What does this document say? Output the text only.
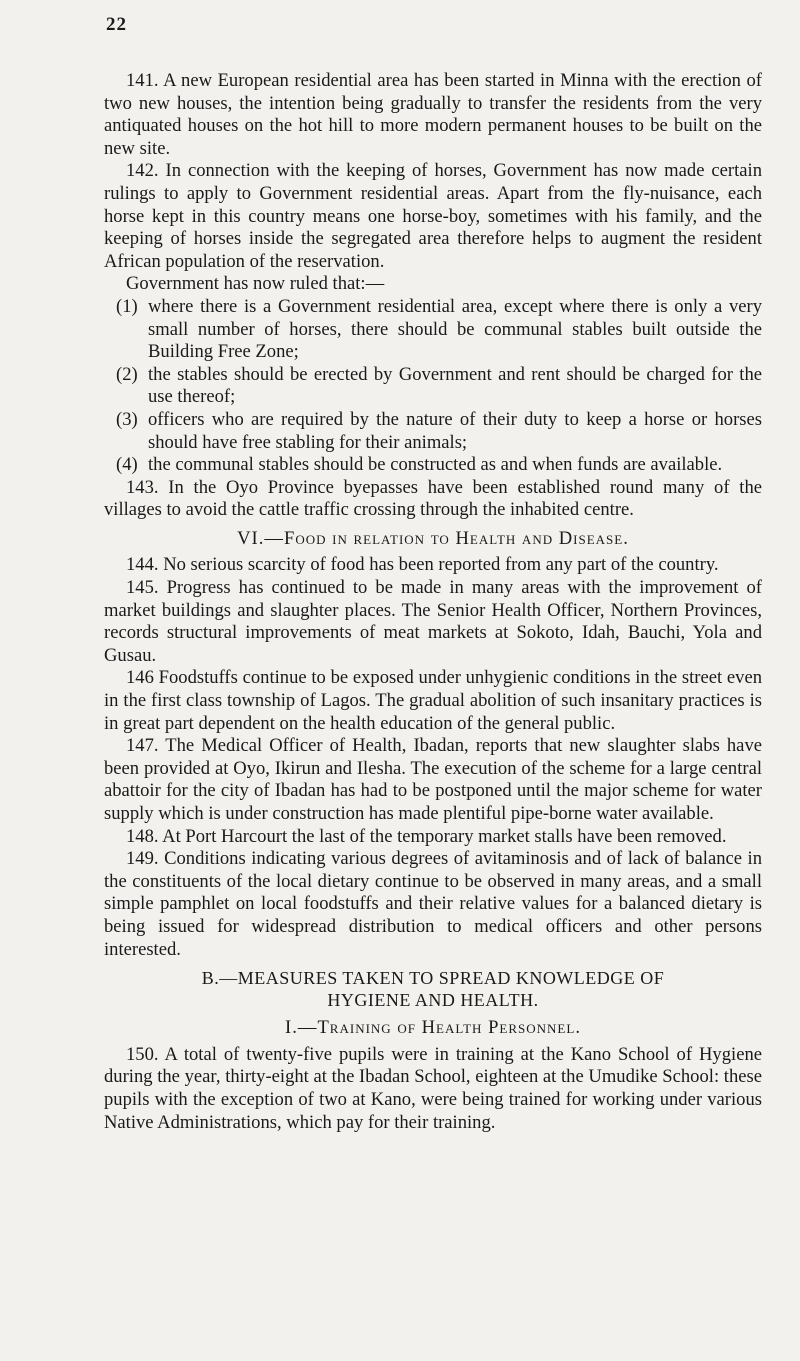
22

141. A new European residential area has been started in Minna with the erection of two new houses, the intention being gradually to transfer the residents from the very antiquated houses on the hot hill to more modern permanent houses to be built on the new site.

142. In connection with the keeping of horses, Government has now made certain rulings to apply to Government residential areas. Apart from the fly-nuisance, each horse kept in this country means one horse-boy, sometimes with his family, and the keeping of horses inside the segregated area therefore helps to augment the resident African population of the reservation.

Government has now ruled that:—

(1) where there is a Government residential area, except where there is only a very small number of horses, there should be communal stables built outside the Building Free Zone;
(2) the stables should be erected by Government and rent should be charged for the use thereof;
(3) officers who are required by the nature of their duty to keep a horse or horses should have free stabling for their animals;
(4) the communal stables should be constructed as and when funds are available.

143. In the Oyo Province byepasses have been established round many of the villages to avoid the cattle traffic crossing through the inhabited centre.

VI.—Food in relation to Health and Disease.

144. No serious scarcity of food has been reported from any part of the country.

145. Progress has continued to be made in many areas with the improvement of market buildings and slaughter places. The Senior Health Officer, Northern Provinces, records structural improvements of meat markets at Sokoto, Idah, Bauchi, Yola and Gusau.

146 Foodstuffs continue to be exposed under unhygienic conditions in the street even in the first class township of Lagos. The gradual abolition of such insanitary practices is in great part dependent on the health education of the general public.

147. The Medical Officer of Health, Ibadan, reports that new slaughter slabs have been provided at Oyo, Ikirun and Ilesha. The execution of the scheme for a large central abattoir for the city of Ibadan has had to be postponed until the major scheme for water supply which is under construction has made plentiful pipe-borne water available.

148. At Port Harcourt the last of the temporary market stalls have been removed.

149. Conditions indicating various degrees of avitaminosis and of lack of balance in the constituents of the local dietary continue to be observed in many areas, and a small simple pamphlet on local foodstuffs and their relative values for a balanced dietary is being issued for widespread distribution to medical officers and other persons interested.

B.—MEASURES TAKEN TO SPREAD KNOWLEDGE OF
HYGIENE AND HEALTH.

I.—Training of Health Personnel.

150. A total of twenty-five pupils were in training at the Kano School of Hygiene during the year, thirty-eight at the Ibadan School, eighteen at the Umudike School: these pupils with the exception of two at Kano, were being trained for working under various Native Administrations, which pay for their training.
